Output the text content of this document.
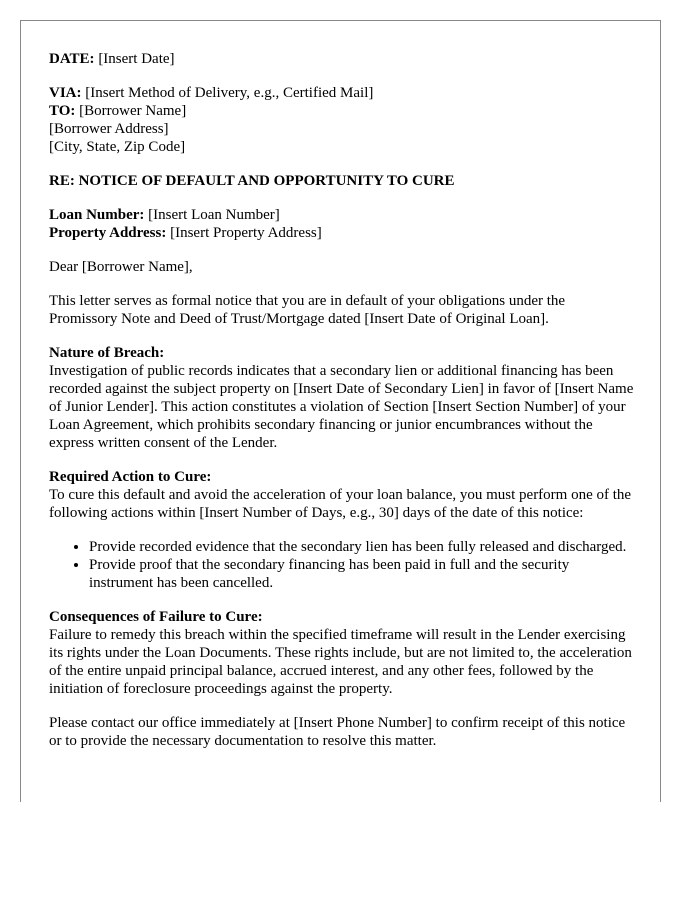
DATE: [Insert Date]
VIA: [Insert Method of Delivery, e.g., Certified Mail]
TO: [Borrower Name]
[Borrower Address]
[City, State, Zip Code]
RE: NOTICE OF DEFAULT AND OPPORTUNITY TO CURE
Loan Number: [Insert Loan Number]
Property Address: [Insert Property Address]

Dear [Borrower Name],

This letter serves as formal notice that you are in default of your obligations under the Promissory Note and Deed of Trust/Mortgage dated [Insert Date of Original Loan].

Nature of Breach:
Investigation of public records indicates that a secondary lien or additional financing has been recorded against the subject property on [Insert Date of Secondary Lien] in favor of [Insert Name of Junior Lender]. This action constitutes a violation of Section [Insert Section Number] of your Loan Agreement, which prohibits secondary financing or junior encumbrances without the express written consent of the Lender.
Required Action to Cure:
To cure this default and avoid the acceleration of your loan balance, you must perform one of the following actions within [Insert Number of Days, e.g., 30] days of the date of this notice:
• Provide recorded evidence that the secondary lien has been fully released and discharged.
• Provide proof that the secondary financing has been paid in full and the security instrument has been cancelled.
Consequences of Failure to Cure:
Failure to remedy this breach within the specified timeframe will result in the Lender exercising its rights under the Loan Documents. These rights include, but are not limited to, the acceleration of the entire unpaid principal balance, accrued interest, and any other fees, followed by the initiation of foreclosure proceedings against the property.

Please contact our office immediately at [Insert Phone Number] to confirm receipt of this notice or to provide the necessary documentation to resolve this matter.
